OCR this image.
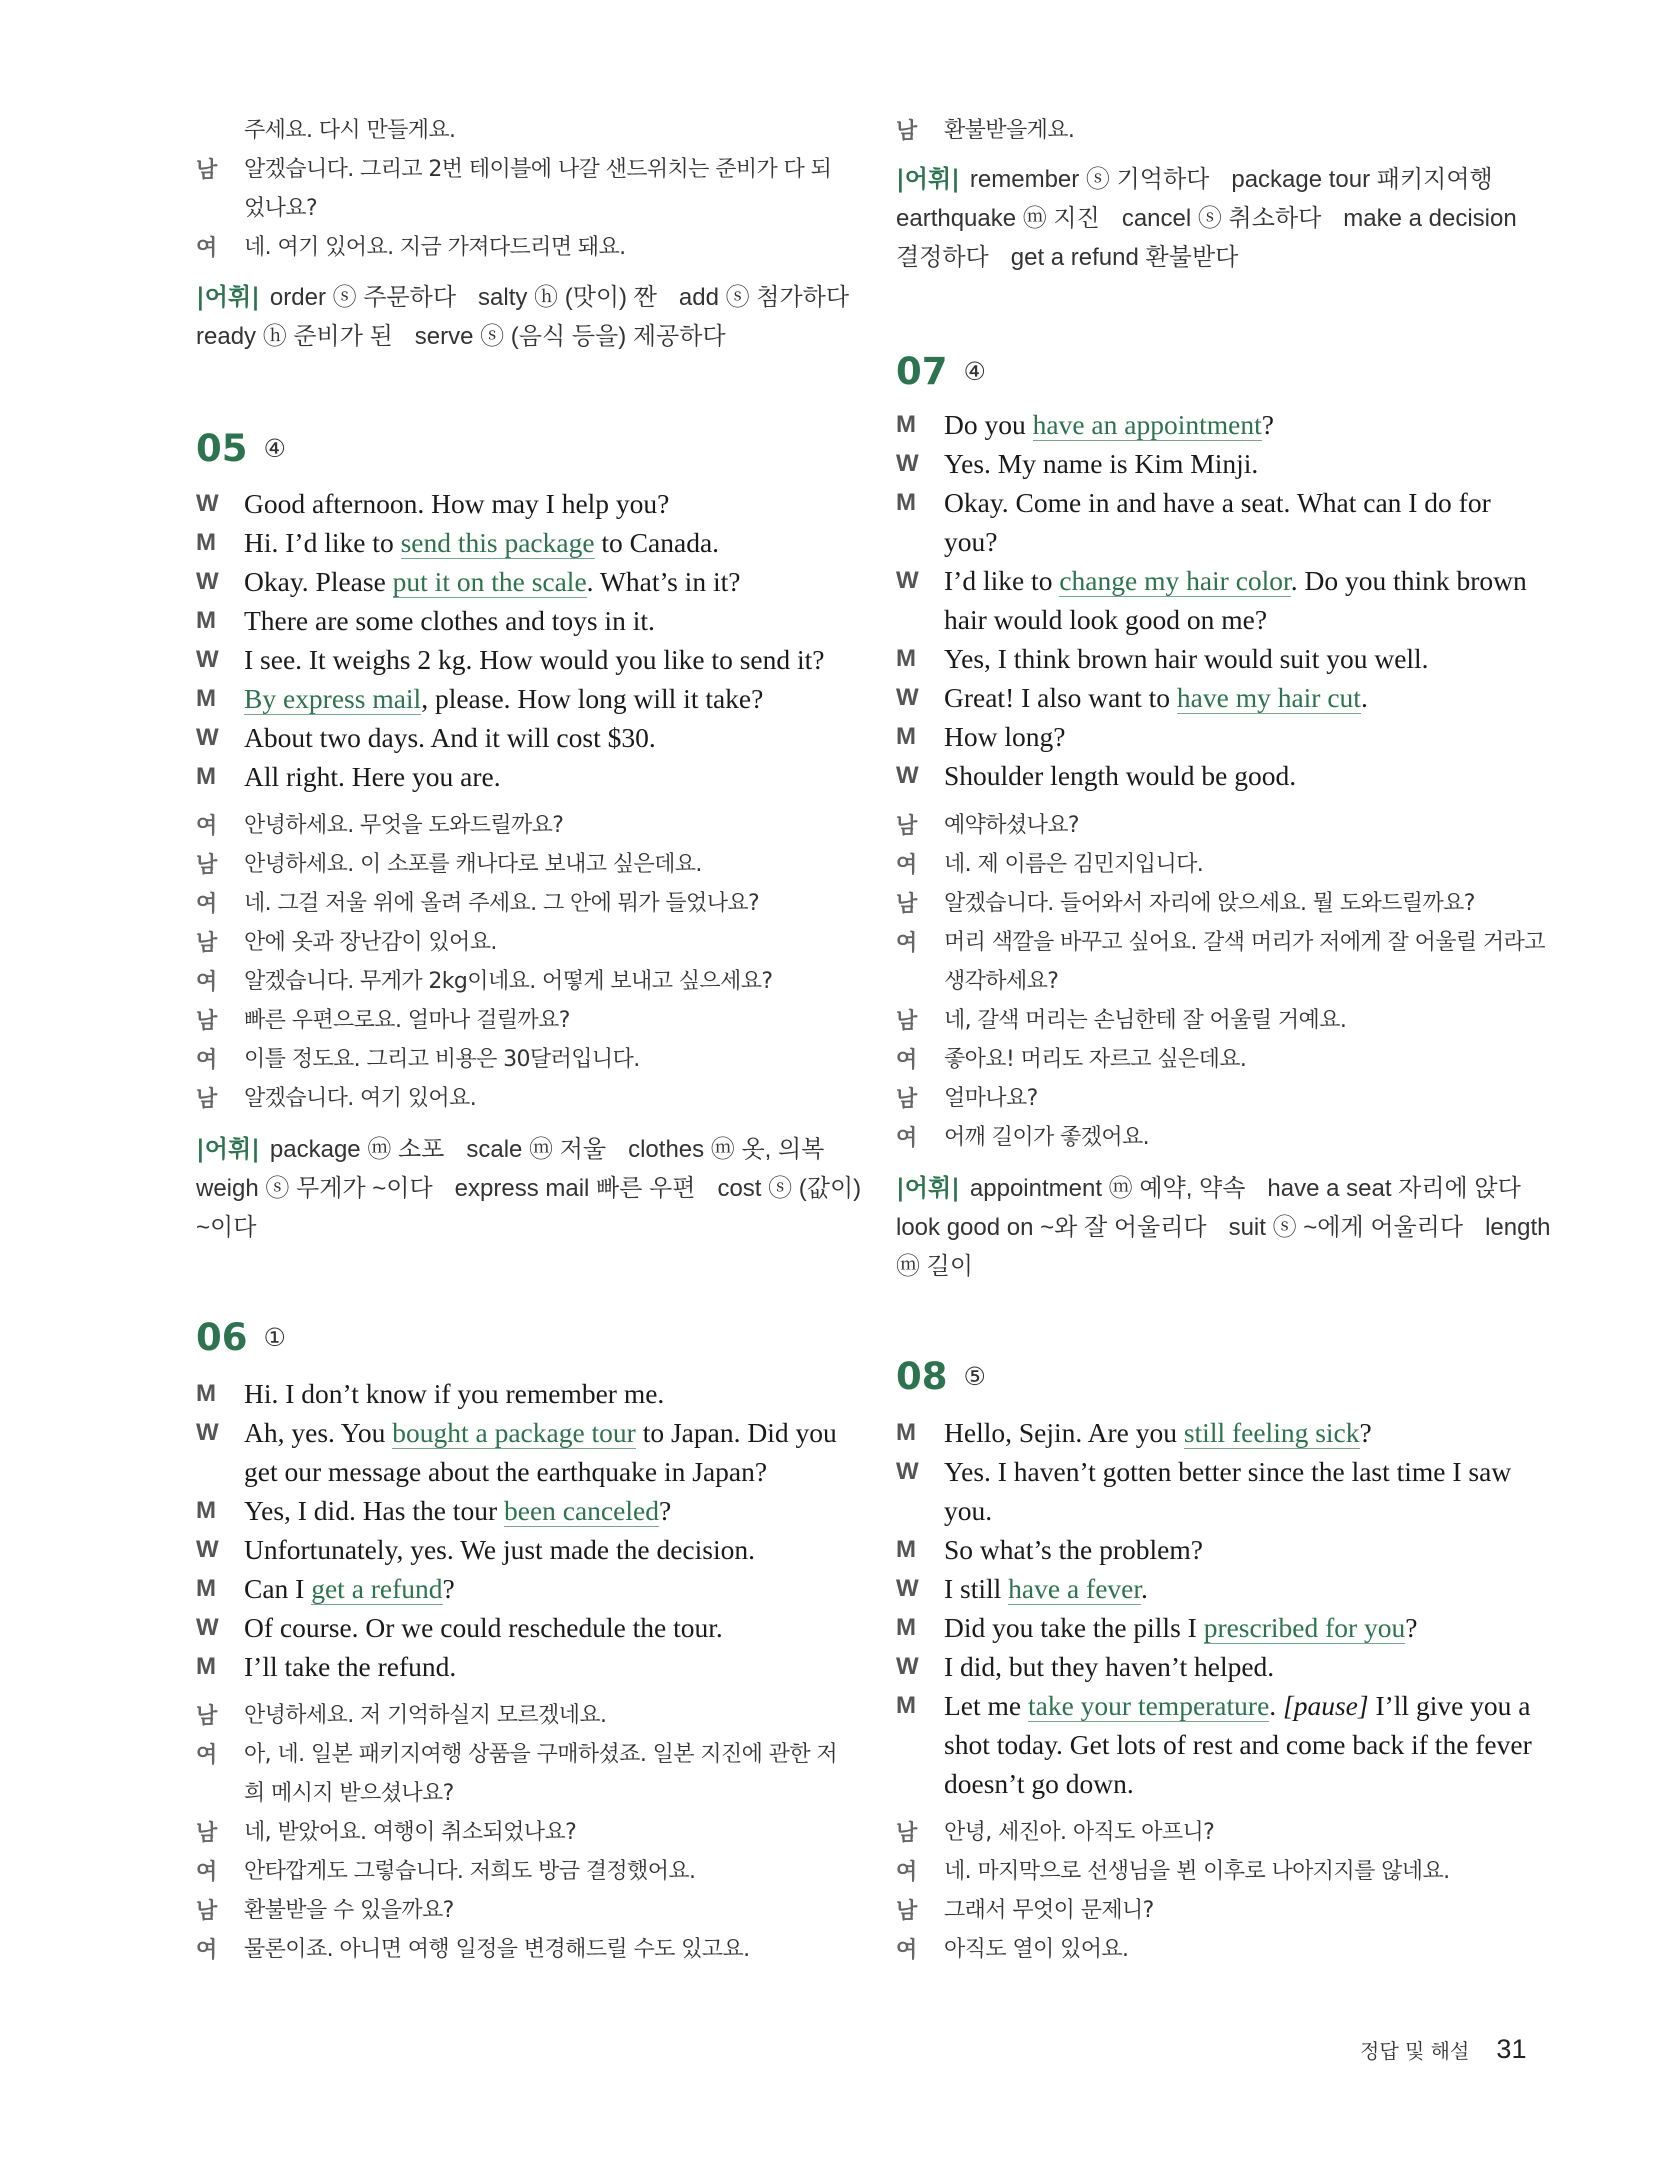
주세요. 다시 만들게요.
남	알겠습니다. 그리고 2번 테이블에 나갈 샌드위치는 준비가 다 되
었나요?
여	네. 여기 있어요. 지금 가져다드리면 돼요.
|어휘| order ⓢ 주문하다 salty ⓗ (맛이) 짠 add ⓢ 첨가하다
ready ⓗ 준비가 된 serve ⓢ (음식 등을) 제공하다
05 ④
W Good afternoon. How may I help you?
M	Hi. I’d like to send this package to Canada.
W Okay. Please put it on the scale. What’s in it?
M	There are some clothes and toys in it.
W I see. It weighs 2 kg. How would you like to send it?
M	By express mail, please. How long will it take?
W About two days. And it will cost $30.
M	All right. Here you are.
여	안녕하세요. 무엇을 도와드릴까요?
남	안녕하세요. 이 소포를 캐나다로 보내고 싶은데요.
여	네. 그걸 저울 위에 올려 주세요. 그 안에 뭐가 들었나요?
남	안에 옷과 장난감이 있어요.
여	알겠습니다. 무게가 2kg이네요. 어떻게 보내고 싶으세요?
남	빠른 우편으로요. 얼마나 걸릴까요?
여	이틀 정도요. 그리고 비용은 30달러입니다.
남	알겠습니다. 여기 있어요.
|어휘| package ⓜ 소포 scale ⓜ 저울 clothes ⓜ 옷, 의복
weigh ⓢ 무게가 ~이다 express mail 빠른 우편 cost ⓢ (값이)
~이다
06 ①
M	Hi. I don’t know if you remember me.
W Ah, yes. You bought a package tour to Japan. Did you
get our message about the earthquake in Japan?
M	Yes, I did. Has the tour been canceled?
W Unfortunately, yes. We just made the decision.
M	Can I get a refund?
W Of course. Or we could reschedule the tour.
M	I’ll take the refund.
남	안녕하세요. 저 기억하실지 모르겠네요.
여	아, 네. 일본 패키지여행 상품을 구매하셨죠. 일본 지진에 관한 저
희 메시지 받으셨나요?
남	네, 받았어요. 여행이 취소되었나요?
여	안타깝게도 그렇습니다. 저희도 방금 결정했어요.
남	환불받을 수 있을까요?
여	물론이죠. 아니면 여행 일정을 변경해드릴 수도 있고요.
남	환불받을게요.
|어휘| remember ⓢ 기억하다 package tour 패키지여행
earthquake ⓜ 지진 cancel ⓢ 취소하다 make a decision
결정하다 get a refund 환불받다
07 ④
M	Do you have an appointment?
W Yes. My name is Kim Minji.
M	Okay. Come in and have a seat. What can I do for
you?
W I’d like to change my hair color. Do you think brown
hair would look good on me?
M	Yes, I think brown hair would suit you well.
W Great! I also want to have my hair cut.
M	How long?
W Shoulder length would be good.
남	예약하셨나요?
여	네. 제 이름은 김민지입니다.
남	알겠습니다. 들어와서 자리에 앉으세요. 뭘 도와드릴까요?
여	머리 색깔을 바꾸고 싶어요. 갈색 머리가 저에게 잘 어울릴 거라고
생각하세요?
남	네, 갈색 머리는 손님한테 잘 어울릴 거예요.
여	좋아요! 머리도 자르고 싶은데요.
남	얼마나요?
여	어깨 길이가 좋겠어요.
|어휘| appointment ⓜ 예약, 약속 have a seat 자리에 앉다
look good on ~와 잘 어울리다 suit ⓢ ~에게 어울리다 length
ⓜ 길이
08 ⑤
M	Hello, Sejin. Are you still feeling sick?
W Yes. I haven’t gotten better since the last time I saw
you.
M	So what’s the problem?
W I still have a fever.
M	Did you take the pills I prescribed for you?
W I did, but they haven’t helped.
M	Let me take your temperature. [pause] I’ll give you a
shot today. Get lots of rest and come back if the fever
doesn’t go down.
남	안녕, 세진아. 아직도 아프니?
여	네. 마지막으로 선생님을 뵌 이후로 나아지지를 않네요.
남	그래서 무엇이 문제니?
여	아직도 열이 있어요.
정답 및 해설 31
